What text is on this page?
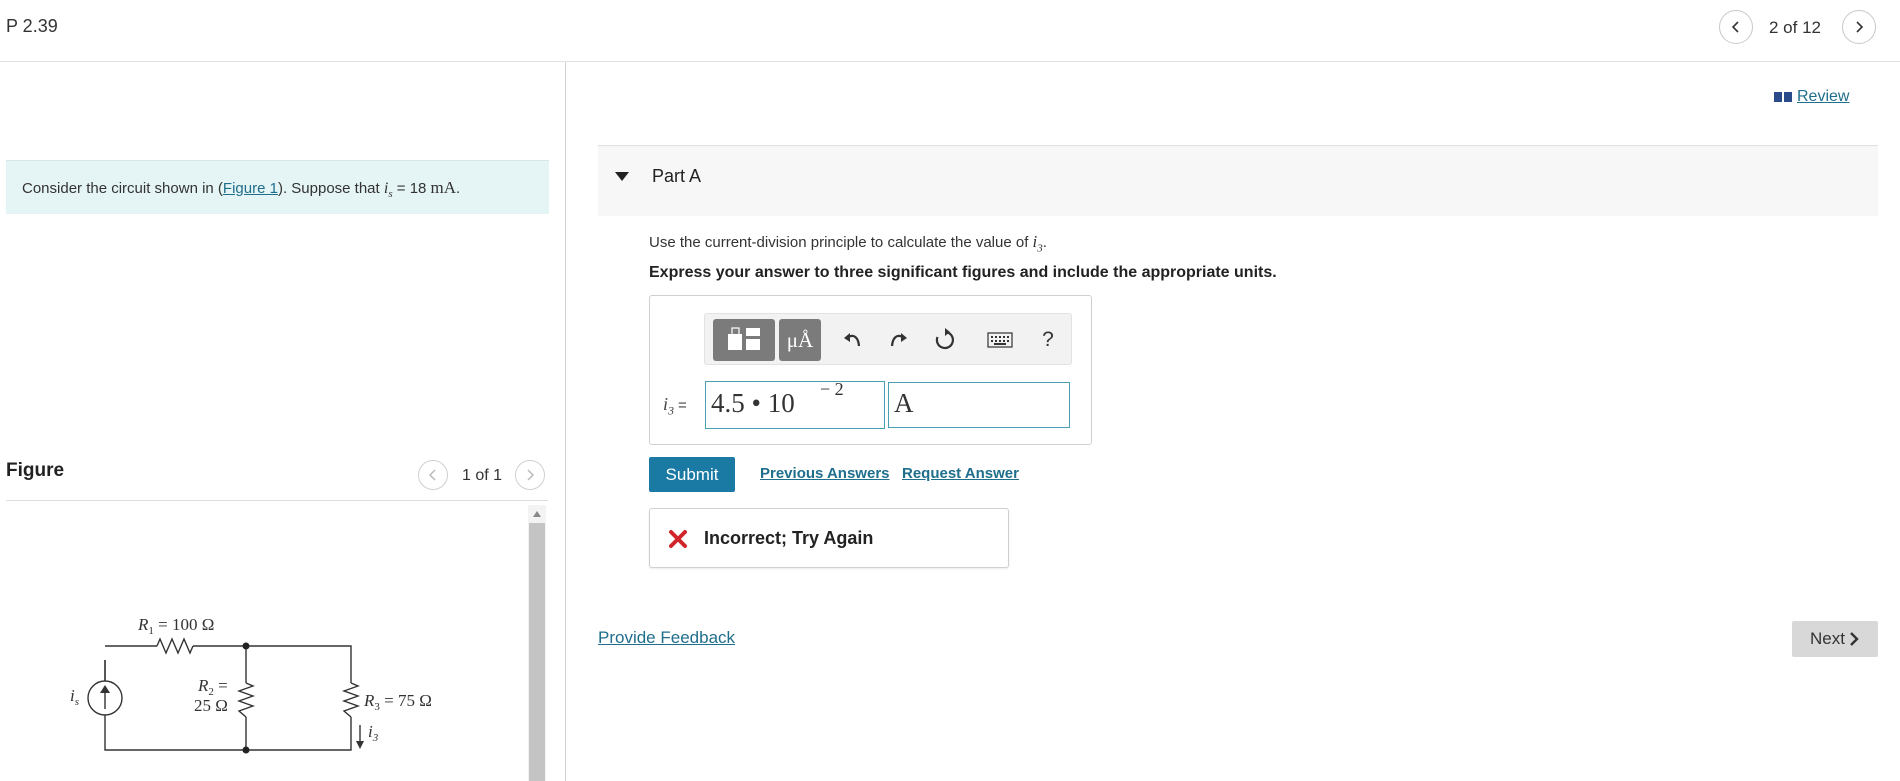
P 2.39	2 of 12
Consider the circuit shown in (Figure 1). Suppose that $i_s = 18$ mA.
Figure	1 of 1
$i_s$
$R_1 = 100$ Ω
$R_2$ =
25 Ω	$R_3 = 75$ Ω
$i_3$
Review
Part A
Use the current-division principle to calculate the value of $i_3$.
Express your answer to three significant figures and include the appropriate units.
μÅ	?
$i_3 = 4.5$ • 10 − 2 A
Submit	Previous Answers Request Answer
Incorrect; Try Again
Provide Feedback	Next
